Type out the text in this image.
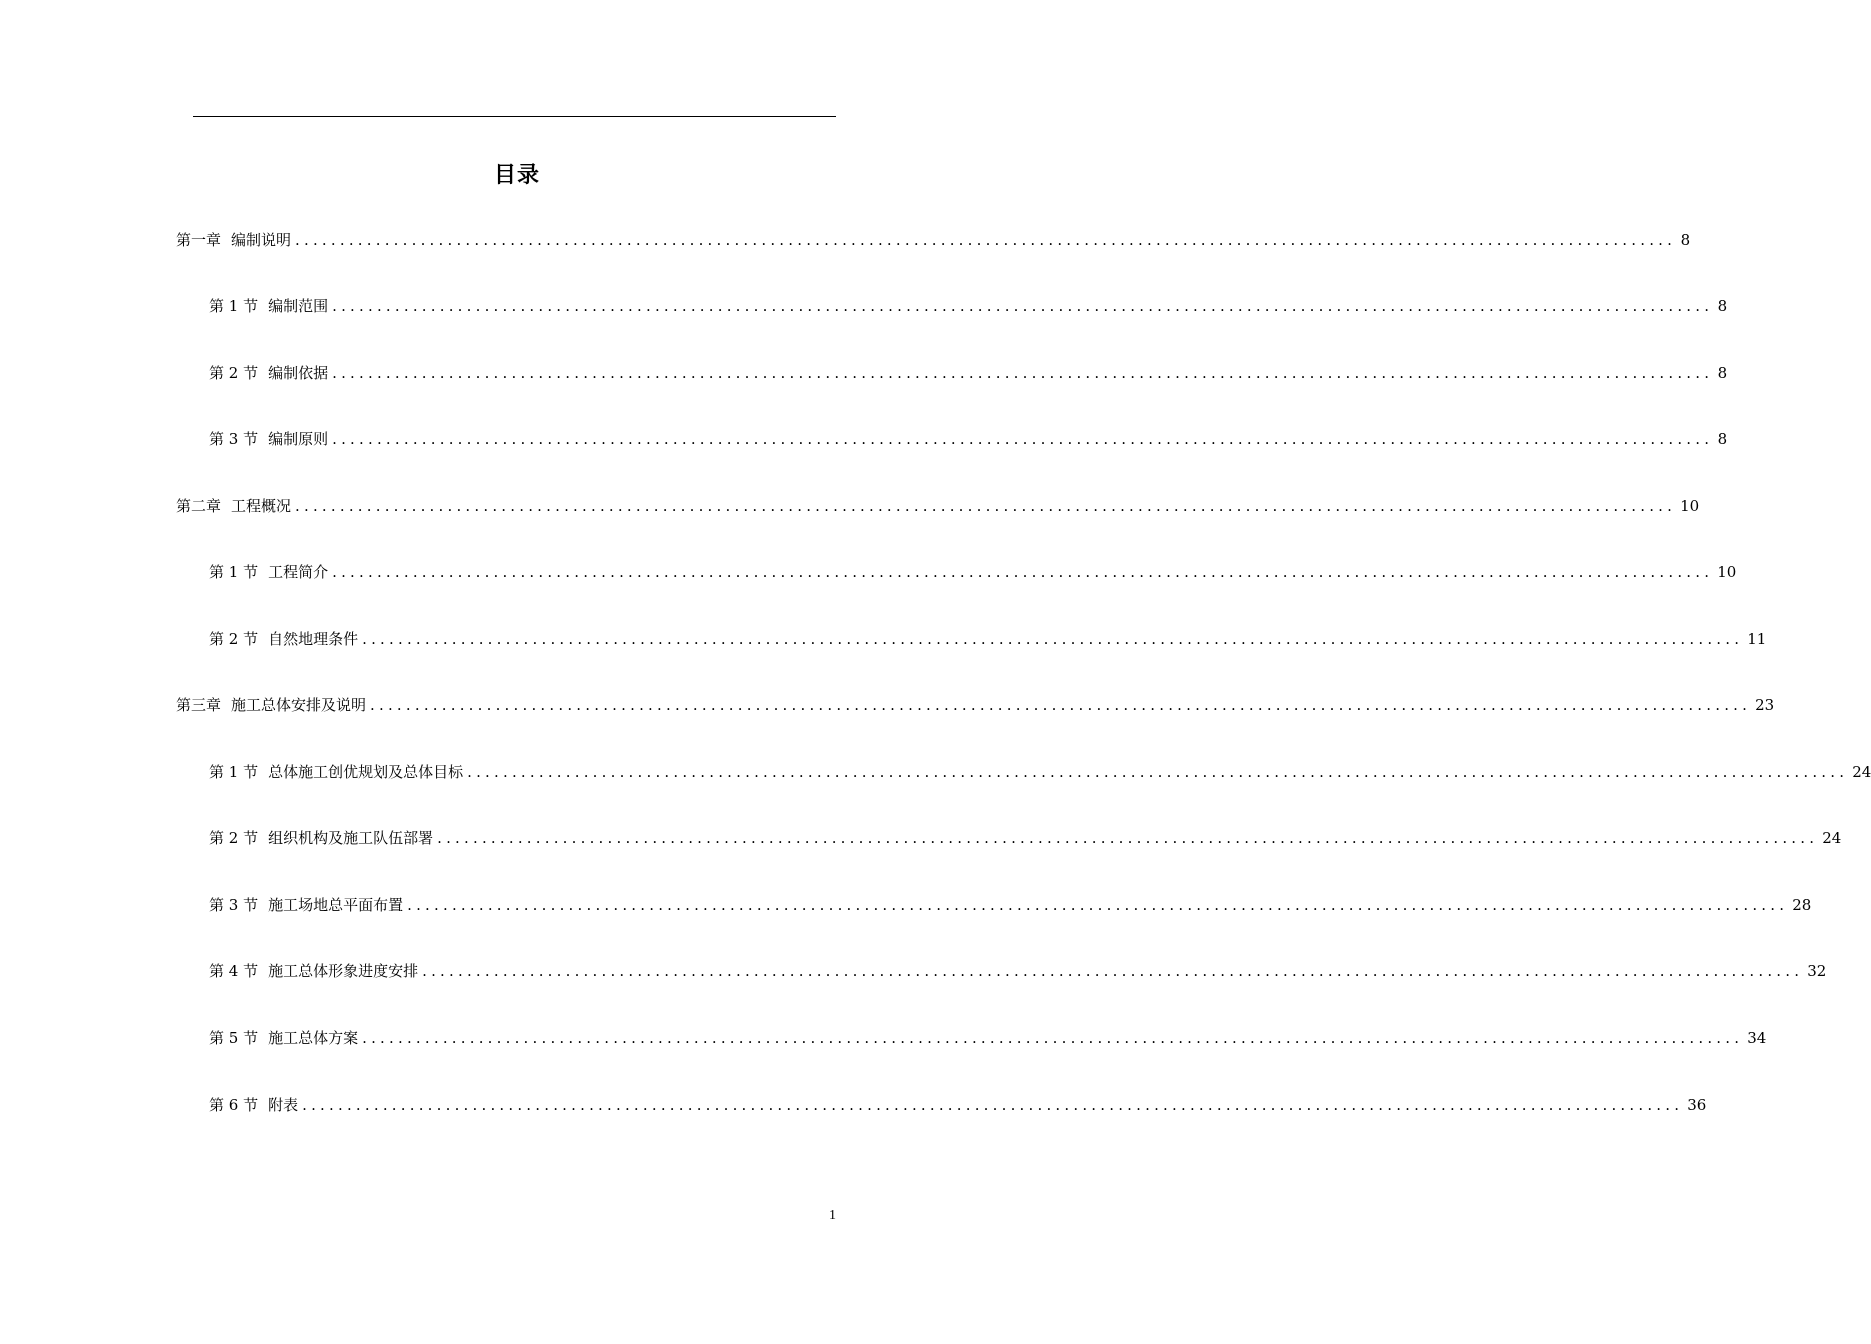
目录
第一章 编制说明 .......................................................................................................................................................... 8
第 1 节 编制范围 .......................................................................................................................................................... 8
第 2 节 编制依据 .......................................................................................................................................................... 8
第 3 节 编制原则 .......................................................................................................................................................... 8
第二章 工程概况 .......................................................................................................................................................... 10
第 1 节 工程简介 .......................................................................................................................................................... 10
第 2 节 自然地理条件 .......................................................................................................................................................... 11
第三章 施工总体安排及说明 .......................................................................................................................................................... 23
第 1 节 总体施工创优规划及总体目标 .......................................................................................................................................................... 24
第 2 节 组织机构及施工队伍部署 .......................................................................................................................................................... 24
第 3 节 施工场地总平面布置 .......................................................................................................................................................... 28
第 4 节 施工总体形象进度安排 .......................................................................................................................................................... 32
第 5 节 施工总体方案 .......................................................................................................................................................... 34
第 6 节 附表 .......................................................................................................................................................... 36
1
